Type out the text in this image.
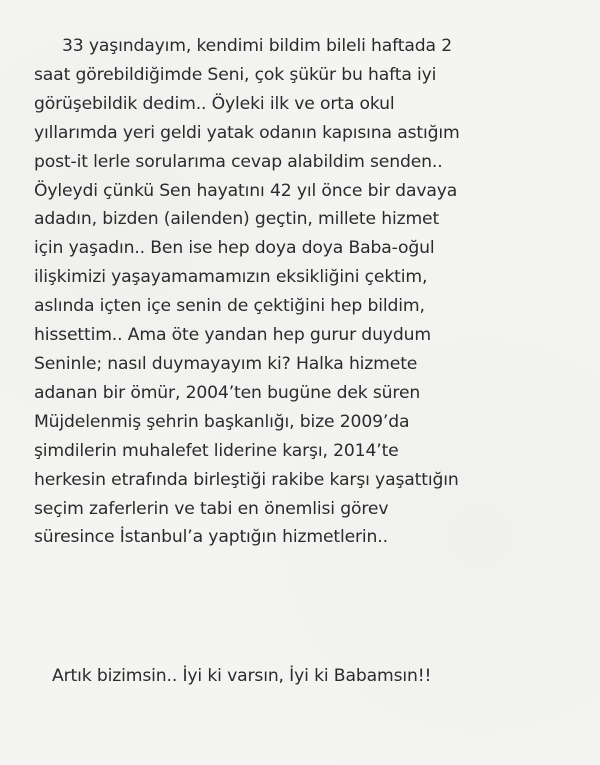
33 yaşındayım, kendimi bildim bileli haftada 2
saat görebildiğimde Seni, çok şükür bu hafta iyi
görüşebildik dedim.. Öyleki ilk ve orta okul
yıllarımda yeri geldi yatak odanın kapısına astığım
post-it lerle sorularıma cevap alabildim senden..
Öyleydi çünkü Sen hayatını 42 yıl önce bir davaya
adadın, bizden (ailenden) geçtin, millete hizmet
için yaşadın.. Ben ise hep doya doya Baba-oğul
ilişkimizi yaşayamamamızın eksikliğini çektim,
aslında içten içe senin de çektiğini hep bildim,
hissettim.. Ama öte yandan hep gurur duydum
Seninle; nasıl duymayayım ki? Halka hizmete
adanan bir ömür, 2004’ten bugüne dek süren
Müjdelenmiş şehrin başkanlığı, bize 2009’da
şimdilerin muhalefet liderine karşı, 2014’te
herkesin etrafında birleştiği rakibe karşı yaşattığın
seçim zaferlerin ve tabi en önemlisi görev
süresince İstanbul’a yaptığın hizmetlerin..

Artık bizimsin.. İyi ki varsın, İyi ki Babamsın!!
